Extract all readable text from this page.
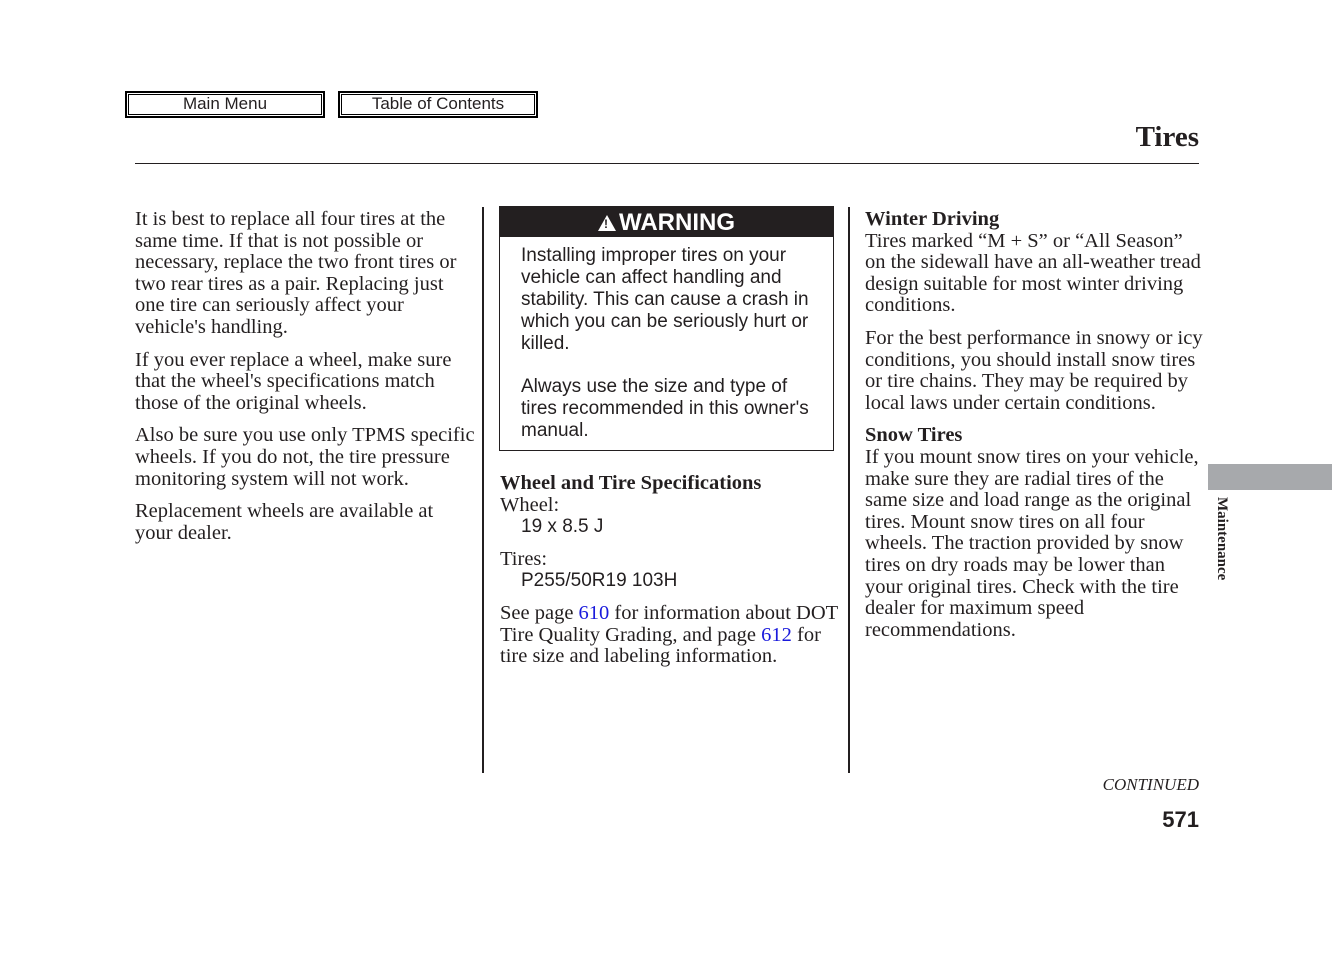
Main Menu	Table of Contents
Tires

It is best to replace all four tires at the same time. If that is not possible or necessary, replace the two front tires or two rear tires as a pair. Replacing just one tire can seriously affect your vehicle's handling.

If you ever replace a wheel, make sure that the wheel's specifications match those of the original wheels.

Also be sure you use only TPMS specific wheels. If you do not, the tire pressure monitoring system will not work.

Replacement wheels are available at your dealer.

!WARNING

Installing improper tires on your vehicle can affect handling and stability. This can cause a crash in which you can be seriously hurt or killed.

Always use the size and type of tires recommended in this owner's manual.

Wheel and Tire Specifications
Wheel:
19 x 8.5 J
Tires:
P255/50R19 103H

See page 610 for information about DOT Tire Quality Grading, and page 612 for tire size and labeling information.

Winter Driving

Tires marked “M + S” or “All Season” on the sidewall have an all-weather tread design suitable for most winter driving conditions.

For the best performance in snowy or icy conditions, you should install snow tires or tire chains. They may be required by local laws under certain conditions.

Snow Tires

If you mount snow tires on your vehicle, make sure they are radial tires of the same size and load range as the original tires. Mount snow tires on all four wheels. The traction provided by snow tires on dry roads may be lower than your original tires. Check with the tire dealer for maximum speed recommendations.

Maintenance
CONTINUED
571
